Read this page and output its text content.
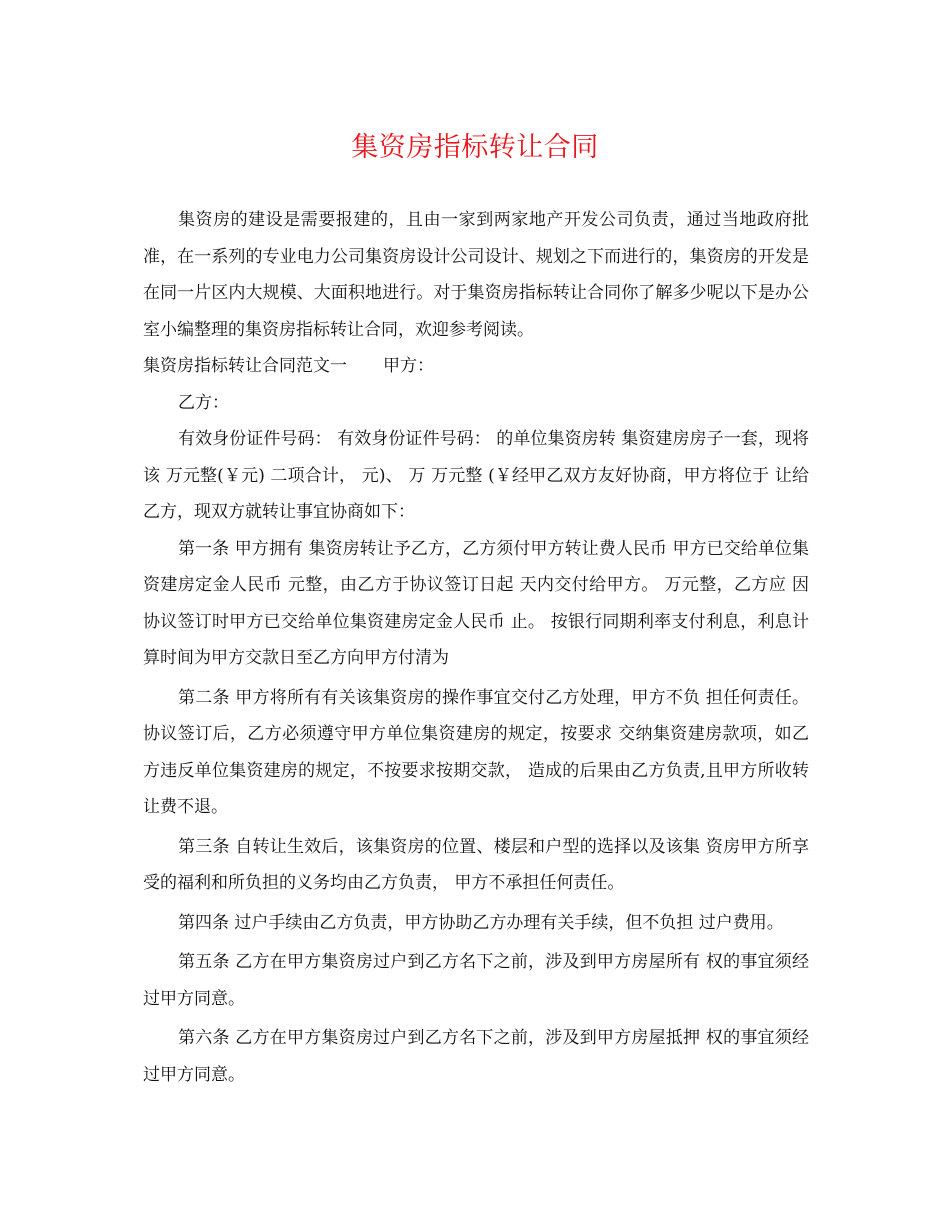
集资房指标转让合同

集资房的建设是需要报建的，且由一家到两家地产开发公司负责，通过当地政府批准，在一系列的专业电力公司集资房设计公司设计、规划之下而进行的，集资房的开发是在同一片区内大规模、大面积地进行。对于集资房指标转让合同你了解多少呢以下是办公室小编整理的集资房指标转让合同，欢迎参考阅读。

集资房指标转让合同范文一 甲方：

乙方：

有效身份证件号码： 有效身份证件号码： 的单位集资房转 集资建房房子一套，现将该 万元整(￥元) 二项合计， 元)、 万 万元整 (￥经甲乙双方友好协商，甲方将位于 让给乙方，现双方就转让事宜协商如下：

第一条 甲方拥有 集资房转让予乙方，乙方须付甲方转让费人民币 甲方已交给单位集资建房定金人民币 元整，由乙方于协议签订日起 天内交付给甲方。 万元整，乙方应 因协议签订时甲方已交给单位集资建房定金人民币 止。 按银行同期利率支付利息，利息计算时间为甲方交款日至乙方向甲方付清为

第二条 甲方将所有有关该集资房的操作事宜交付乙方处理，甲方不负 担任何责任。协议签订后，乙方必须遵守甲方单位集资建房的规定，按要求 交纳集资建房款项，如乙方违反单位集资建房的规定，不按要求按期交款， 造成的后果由乙方负责,且甲方所收转让费不退。

第三条 自转让生效后，该集资房的位置、楼层和户型的选择以及该集 资房甲方所享受的福利和所负担的义务均由乙方负责， 甲方不承担任何责任。

第四条 过户手续由乙方负责，甲方协助乙方办理有关手续，但不负担 过户费用。

第五条 乙方在甲方集资房过户到乙方名下之前，涉及到甲方房屋所有 权的事宜须经过甲方同意。

第六条 乙方在甲方集资房过户到乙方名下之前，涉及到甲方房屋抵押 权的事宜须经过甲方同意。
